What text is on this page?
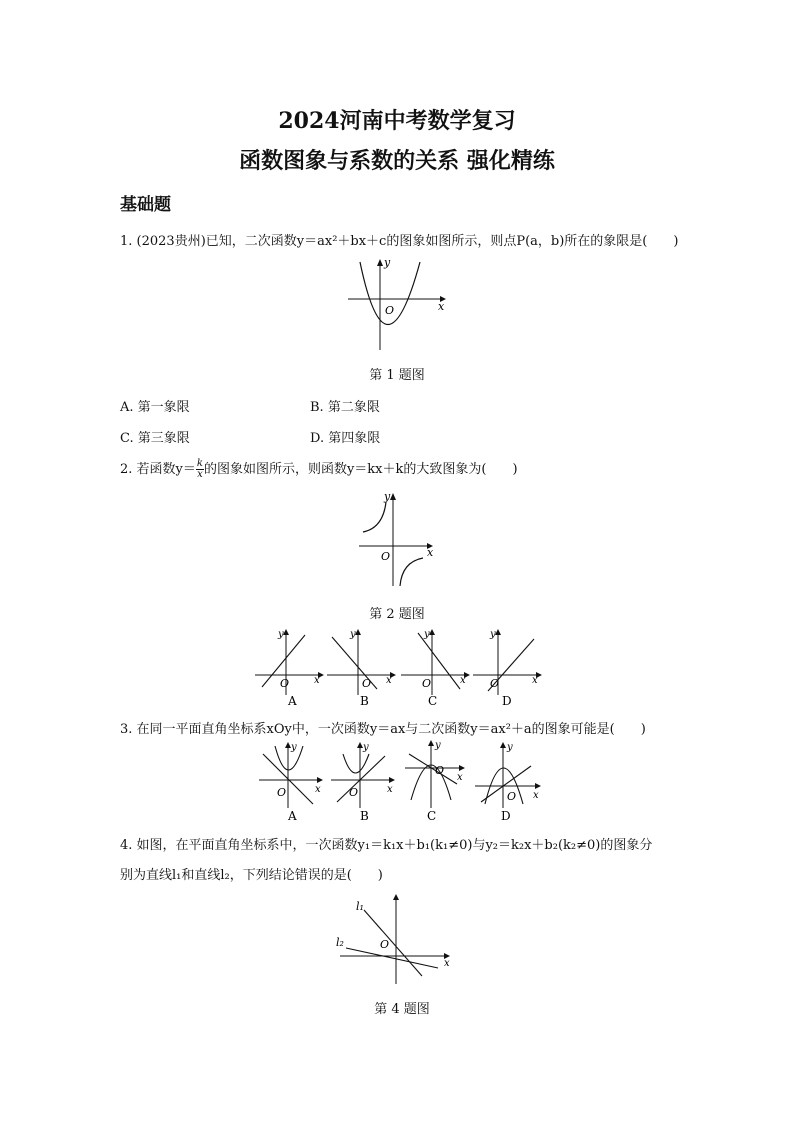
2024河南中考数学复习
函数图象与系数的关系 强化精练
基础题
1. (2023贵州)已知，二次函数y＝ax²＋bx＋c的图象如图所示，则点P(a，b)所在的象限是(　　)
O	x
y
第 1 题图
A. 第一象限	B. 第二象限
C. 第三象限	D. 第四象限
2. 若函数$y= \frac{k}{x}$ 的图象如图所示，则函数y＝kx＋k的大致图象为(　　)
O	x
y
第 2 题图
O x
y
A
O x
y
B
O	x
y
C
O	x
y
D
3. 在同一平面直角坐标系xOy中，一次函数y＝ax与二次函数y＝ax²＋a的图象可能是(　　)
O	x
y
A
O	x
y
B
O
x
y
C
O x
y
D
4. 如图，在平面直角坐标系中，一次函数y₁＝k₁x＋b₁(k₁≠0)与y₂＝k₂x＋b₂(k₂≠0)的图象分
别为直线l₁和直线l₂，下列结论错误的是(　　)
l₁
l₂	O
x
第 4 题图
